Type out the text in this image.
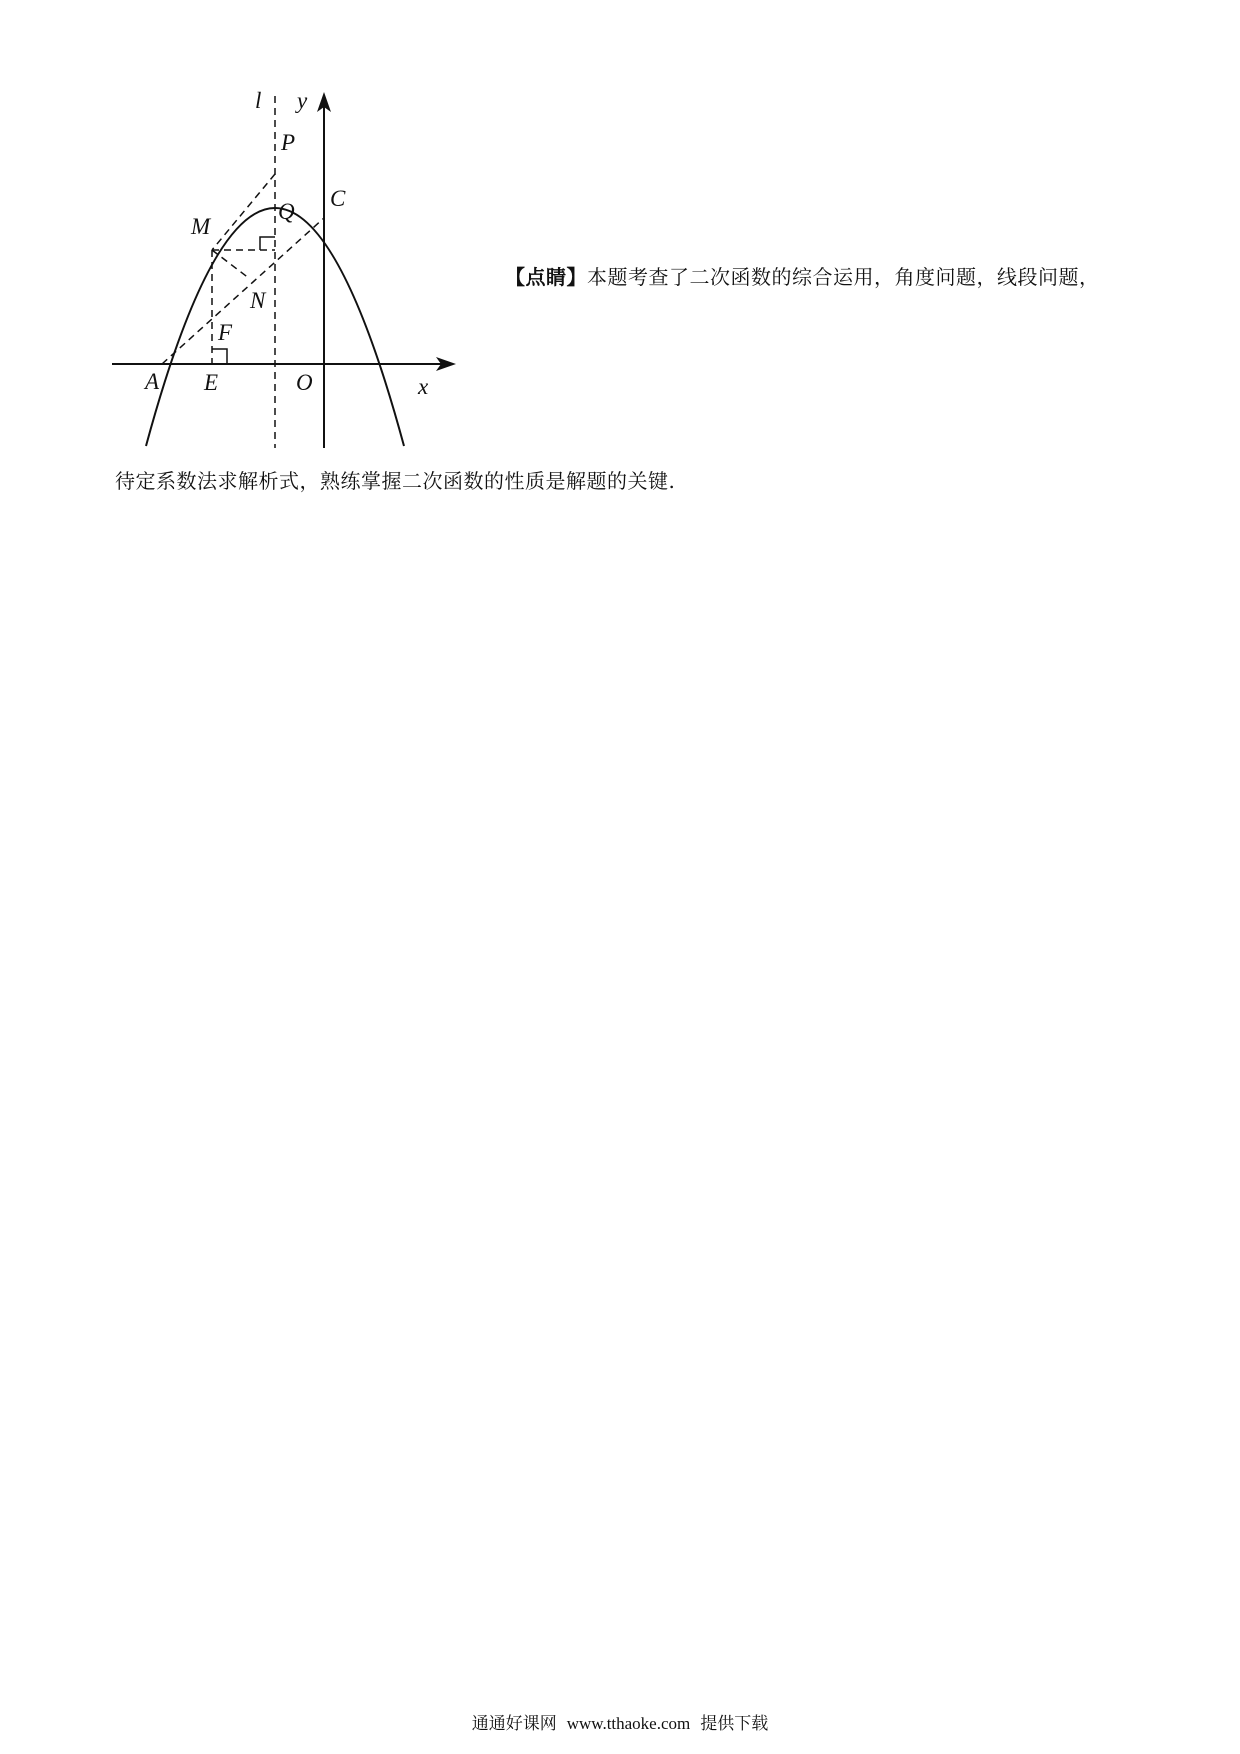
l y
x
P
C
M
Q
N
F
A E	O
【点睛】本题考查了二次函数的综合运用，角度问题，线段问题，
待定系数法求解析式，熟练掌握二次函数的性质是解题的关键.
通通好课网 www.tthaoke.com 提供下载
